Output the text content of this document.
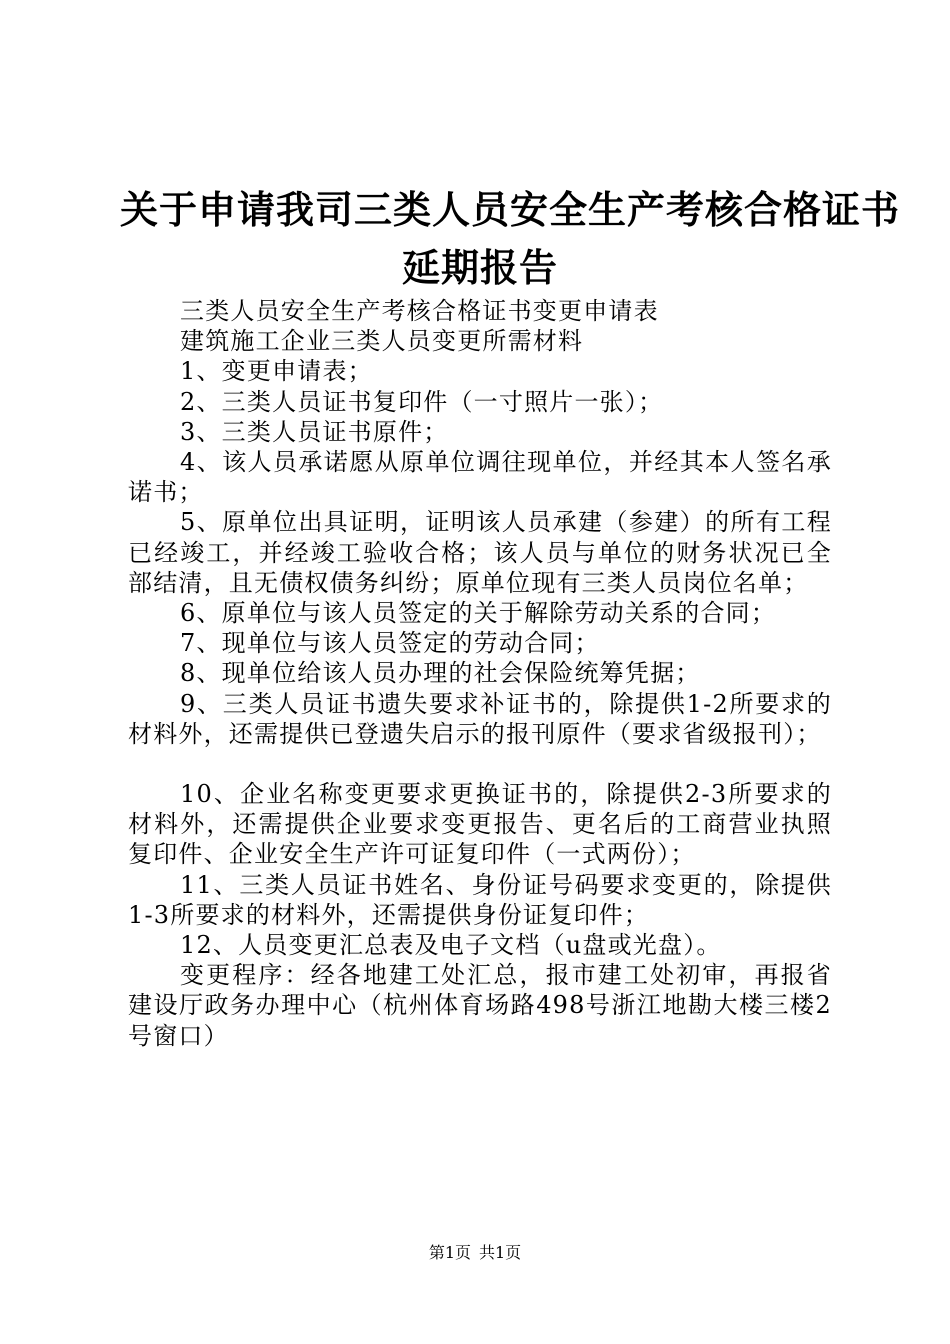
关于申请我司三类人员安全生产考核合格证书
延期报告

三类人员安全生产考核合格证书变更申请表

建筑施工企业三类人员变更所需材料

1、变更申请表；

2、三类人员证书复印件（一寸照片一张）；

3、三类人员证书原件；

4、该人员承诺愿从原单位调往现单位，并经其本人签名承诺书；

5、原单位出具证明，证明该人员承建（参建）的所有工程已经竣工，并经竣工验收合格；该人员与单位的财务状况已全部结清，且无债权债务纠纷；原单位现有三类人员岗位名单；

6、原单位与该人员签定的关于解除劳动关系的合同；

7、现单位与该人员签定的劳动合同；

8、现单位给该人员办理的社会保险统筹凭据；

9、三类人员证书遗失要求补证书的，除提供1-2所要求的材料外，还需提供已登遗失启示的报刊原件（要求省级报刊）；

10、企业名称变更要求更换证书的，除提供2-3所要求的材料外，还需提供企业要求变更报告、更名后的工商营业执照复印件、企业安全生产许可证复印件（一式两份）；

11、三类人员证书姓名、身份证号码要求变更的，除提供1-3所要求的材料外，还需提供身份证复印件；

12、人员变更汇总表及电子文档（u盘或光盘）。

变更程序：经各地建工处汇总，报市建工处初审，再报省建设厅政务办理中心（杭州体育场路498号浙江地勘大楼三楼2号窗口）

第1页 共1页
